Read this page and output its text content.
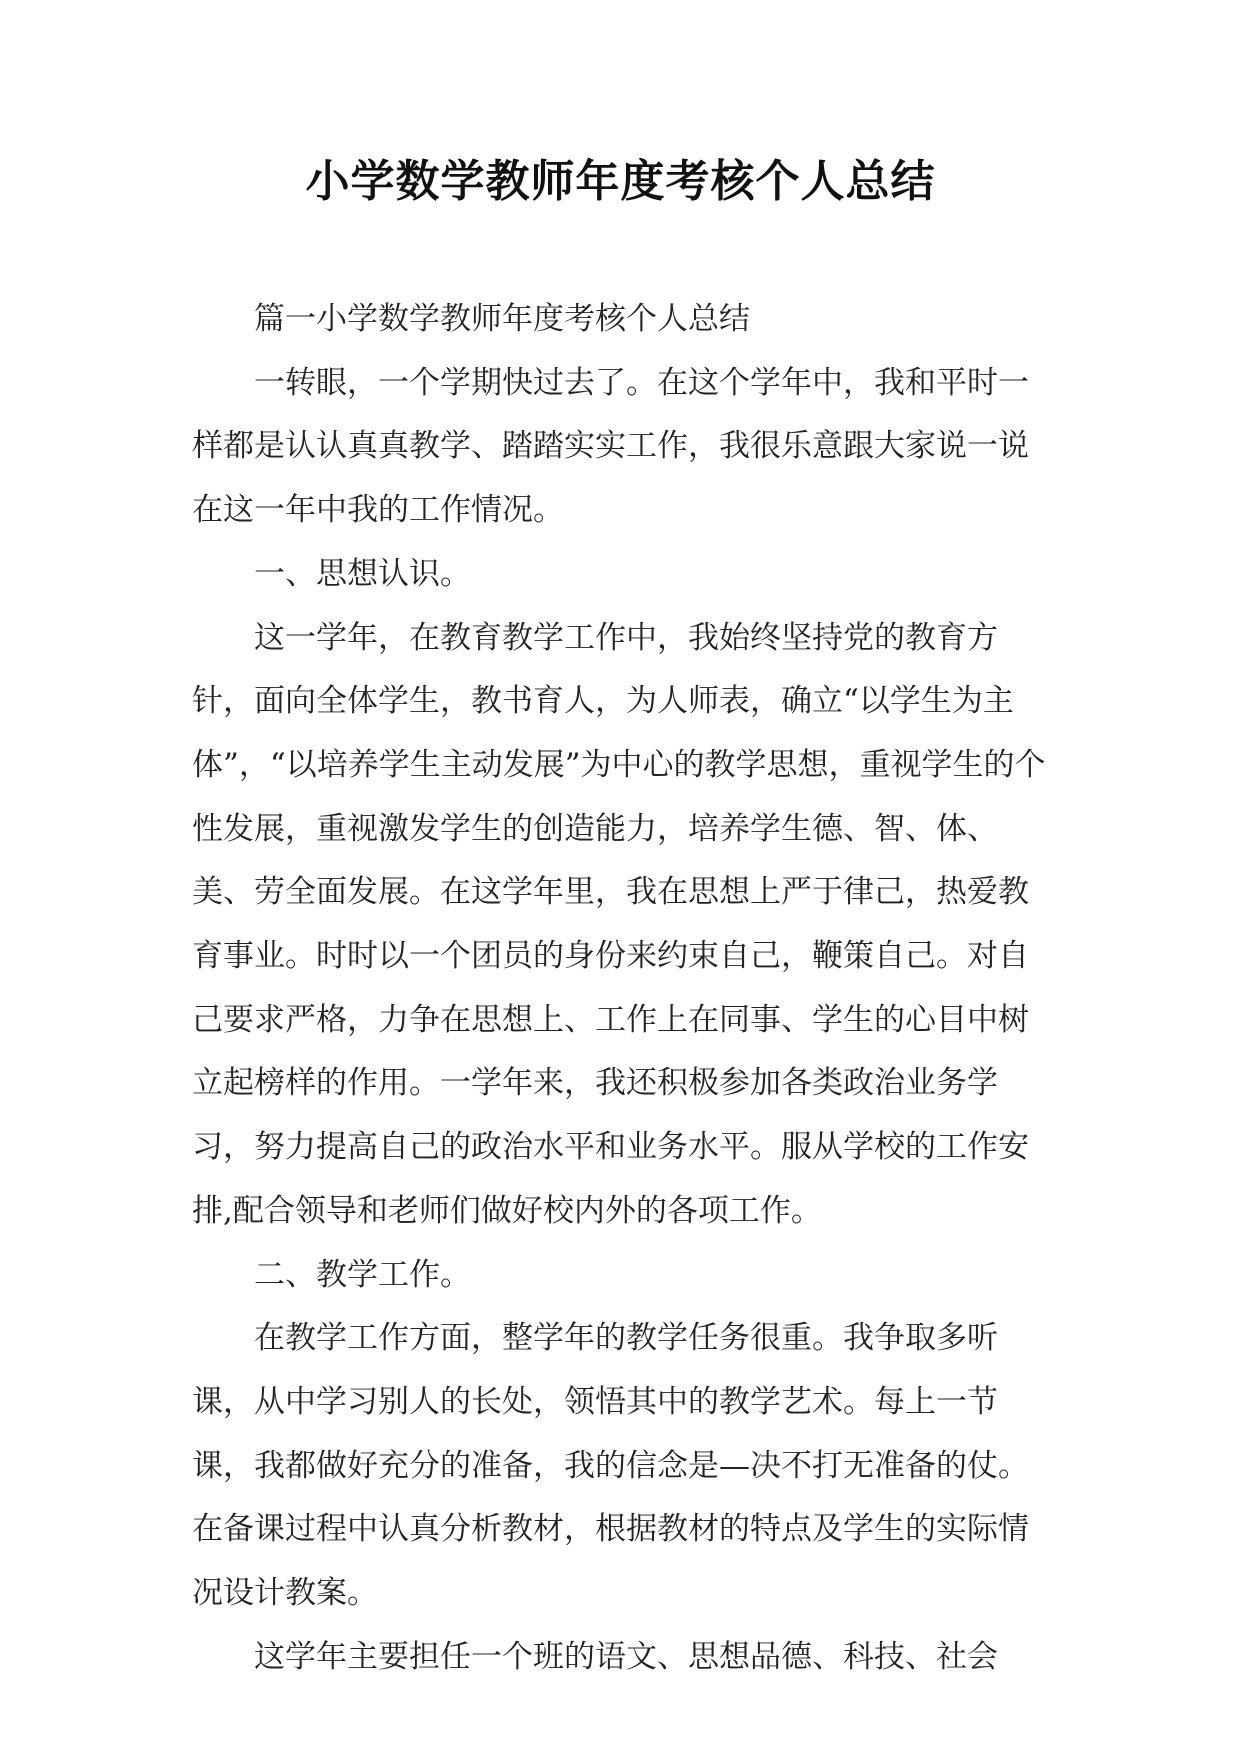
小学数学教师年度考核个人总结

篇一小学数学教师年度考核个人总结

一转眼，一个学期快过去了。在这个学年中，我和平时一样都是认认真真教学、踏踏实实工作，我很乐意跟大家说一说在这一年中我的工作情况。

一、思想认识。

这一学年，在教育教学工作中，我始终坚持党的教育方针，面向全体学生，教书育人，为人师表，确立“以学生为主体”，“以培养学生主动发展”为中心的教学思想，重视学生的个性发展，重视激发学生的创造能力，培养学生德、智、体、美、劳全面发展。在这学年里，我在思想上严于律己，热爱教育事业。时时以一个团员的身份来约束自己，鞭策自己。对自己要求严格，力争在思想上、工作上在同事、学生的心目中树立起榜样的作用。一学年来，我还积极参加各类政治业务学习，努力提高自己的政治水平和业务水平。服从学校的工作安排,配合领导和老师们做好校内外的各项工作。

二、教学工作。

在教学工作方面，整学年的教学任务很重。我争取多听课，从中学习别人的长处，领悟其中的教学艺术。每上一节课，我都做好充分的准备，我的信念是—决不打无准备的仗。在备课过程中认真分析教材，根据教材的特点及学生的实际情况设计教案。

这学年主要担任一个班的语文、思想品德、科技、社会
